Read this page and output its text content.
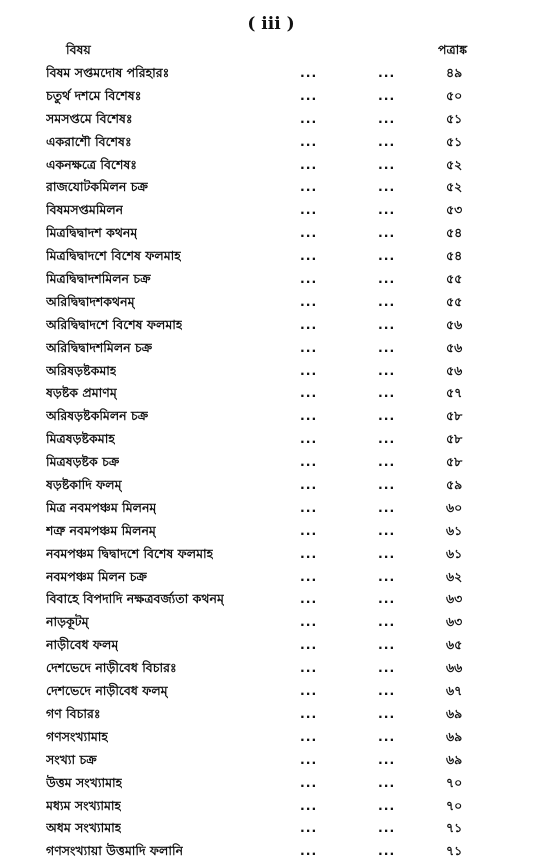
( iii )
বিষয়	পত্রাঙ্ক
বিষম সপ্তমদোষ পরিহারঃ	...	...	৪৯
চতুর্থ দশমে বিশেষঃ	...	...	৫০
সমসপ্তমে বিশেষঃ	...	...	৫১
একরাশৌ বিশেষঃ	...	...	৫১
একনক্ষত্রে বিশেষঃ	...	...	৫২
রাজযোটকমিলন চক্র	...	...	৫২
বিষমসপ্তমমিলন	...	...	৫৩
মিত্রদ্বিদ্বাদশ কথনম্	...	...	৫৪
মিত্রদ্বিদ্বাদশে বিশেষ ফলমাহ	...	...	৫৪
মিত্রদ্বিদ্বাদশমিলন চক্র	...	...	৫৫
অরিদ্বিদ্বাদশকথনম্	...	...	৫৫
অরিদ্বিদ্বাদশে বিশেষ ফলমাহ	...	...	৫৬
অরিদ্বিদ্বাদশমিলন চক্র	...	...	৫৬
অরিষড়ষ্টকমাহ	...	...	৫৬
ষড়ষ্টক প্রমাণম্	...	...	৫৭
অরিষড়ষ্টকমিলন চক্র	...	...	৫৮
মিত্রষড়ষ্টকমাহ	...	...	৫৮
মিত্রষড়ষ্টক চক্র	...	...	৫৮
ষড়ষ্টকাদি ফলম্	...	...	৫৯
মিত্র নবমপঞ্চম মিলনম্	...	...	৬০
শত্রু নবমপঞ্চম মিলনম্	...	...	৬১
নবমপঞ্চম দ্বিদ্বাদশে বিশেষ ফলমাহ	...	...	৬১
নবমপঞ্চম মিলন চক্র	...	...	৬২
বিবাহে বিপদাদি নক্ষত্রবর্জ্যতা কথনম্	...	...	৬৩
নাড়কূটম্	...	...	৬৩
নাড়ীবেধ ফলম্	...	...	৬৫
দেশভেদে নাড়ীবেধ বিচারঃ	...	...	৬৬
দেশভেদে নাড়ীবেধ ফলম্	...	...	৬৭
গণ বিচারঃ	...	...	৬৯
গণসংখ্যামাহ	...	...	৬৯
সংখ্যা চক্র	...	...	৬৯
উত্তম সংখ্যামাহ	...	...	৭০
মধ্যম সংখ্যামাহ	...	...	৭০
অধম সংখ্যামাহ	...	...	৭১
গণসংখ্যায়া উত্তমাদি ফলানি	...	...	৭১
